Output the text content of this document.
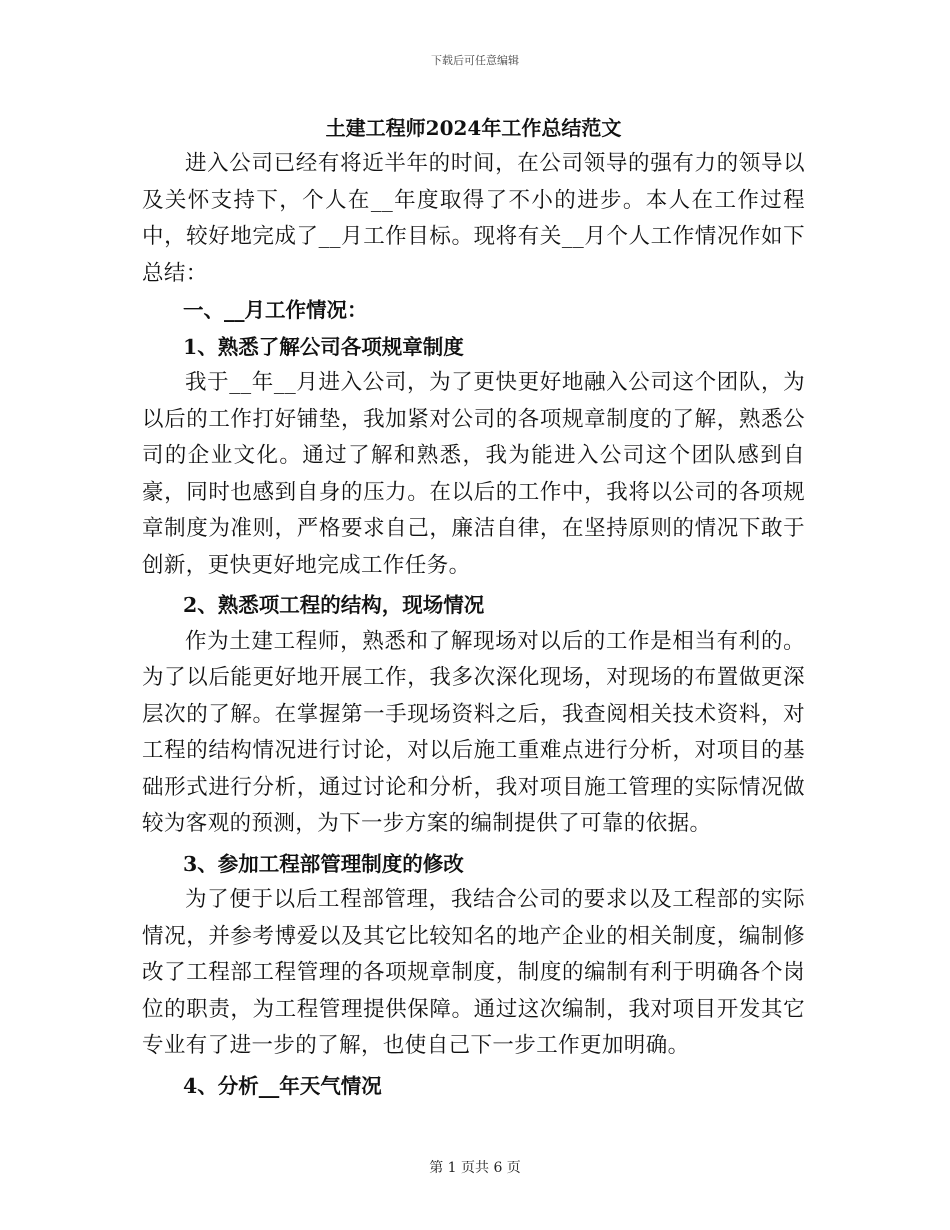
下载后可任意编辑
土建工程师2024年工作总结范文

进入公司已经有将近半年的时间，在公司领导的强有力的领导以及关怀支持下，个人在__年度取得了不小的进步。本人在工作过程中，较好地完成了__月工作目标。现将有关__月个人工作情况作如下总结：

一、__月工作情况：
1、熟悉了解公司各项规章制度

我于__年__月进入公司，为了更快更好地融入公司这个团队，为以后的工作打好铺垫，我加紧对公司的各项规章制度的了解，熟悉公司的企业文化。通过了解和熟悉，我为能进入公司这个团队感到自豪，同时也感到自身的压力。在以后的工作中，我将以公司的各项规章制度为准则，严格要求自己，廉洁自律，在坚持原则的情况下敢于创新，更快更好地完成工作任务。

2、熟悉项工程的结构，现场情况

作为土建工程师，熟悉和了解现场对以后的工作是相当有利的。为了以后能更好地开展工作，我多次深化现场，对现场的布置做更深层次的了解。在掌握第一手现场资料之后，我查阅相关技术资料，对工程的结构情况进行讨论，对以后施工重难点进行分析，对项目的基础形式进行分析，通过讨论和分析，我对项目施工管理的实际情况做较为客观的预测，为下一步方案的编制提供了可靠的依据。

3、参加工程部管理制度的修改

为了便于以后工程部管理，我结合公司的要求以及工程部的实际情况，并参考博爱以及其它比较知名的地产企业的相关制度，编制修改了工程部工程管理的各项规章制度，制度的编制有利于明确各个岗位的职责，为工程管理提供保障。通过这次编制，我对项目开发其它专业有了进一步的了解，也使自己下一步工作更加明确。

4、分析__年天气情况
第 1 页共 6 页
